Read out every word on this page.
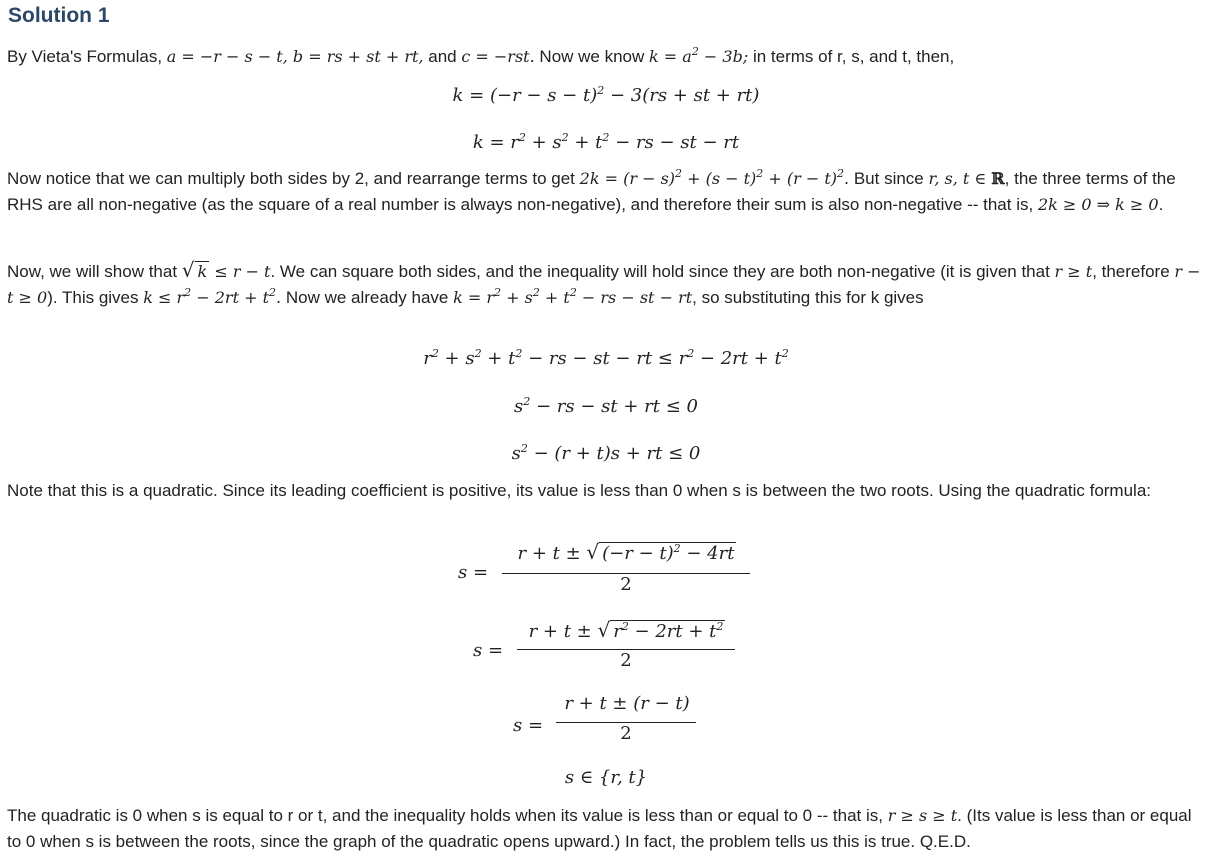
Solution 1

By Vieta's Formulas, a = −r − s − t, b = rs + st + rt, and c = −rst. Now we know $k = a^2 - 3b$; in terms of r, s, and t, then,

$k = (-r - s - t)^2 - 3(rs$ + st + rt)
$k = r^2 + s^2 + t^2$ − rs − st − rt

Now notice that we can multiply both sides by 2, and rearrange terms to get $2k = (r - s)^2 + (s - t)^2 + (r - t)^2$. But since r, s, t ∈ ℝ, the three terms of the RHS are all non-negative (as the square of a real number is always non-negative), and therefore their sum is also non-negative -- that is, 2k ≥ 0 ⇒ k ≥ 0.

Now, we will show that √ k ≤ r − t. We can square both sides, and the inequality will hold since they are both non-negative (it is given that r ≥ t, therefore r − t ≥ 0). This gives $k \le r^2 - 2rt + t^2$. Now we already have $k = r^2 + s^2 + t^2$ − rs − st − rt, so substituting this for k gives

$r^2 + s^2 + t^2$ − rs − st − rt ≤ $r^2 - 2rt + t^2$
$s^2$ − rs − st + rt ≤ 0
$s^2 - (r + t)s$ + rt ≤ 0

Note that this is a quadratic. Since its leading coefficient is positive, its value is less than 0 when s is between the two roots. Using the quadratic formula:

s =
r + t ± √ $(-r - t)^2 - 4rt$
2
s =
r + t ± √ $r^2 - 2rt + t^2$
2
s =
r + t ± (r − t)
2
s ∈ {r, t}

The quadratic is 0 when s is equal to r or t, and the inequality holds when its value is less than or equal to 0 -- that is, r ≥ s ≥ t. (Its value is less than or equal to 0 when s is between the roots, since the graph of the quadratic opens upward.) In fact, the problem tells us this is true. Q.E.D.
